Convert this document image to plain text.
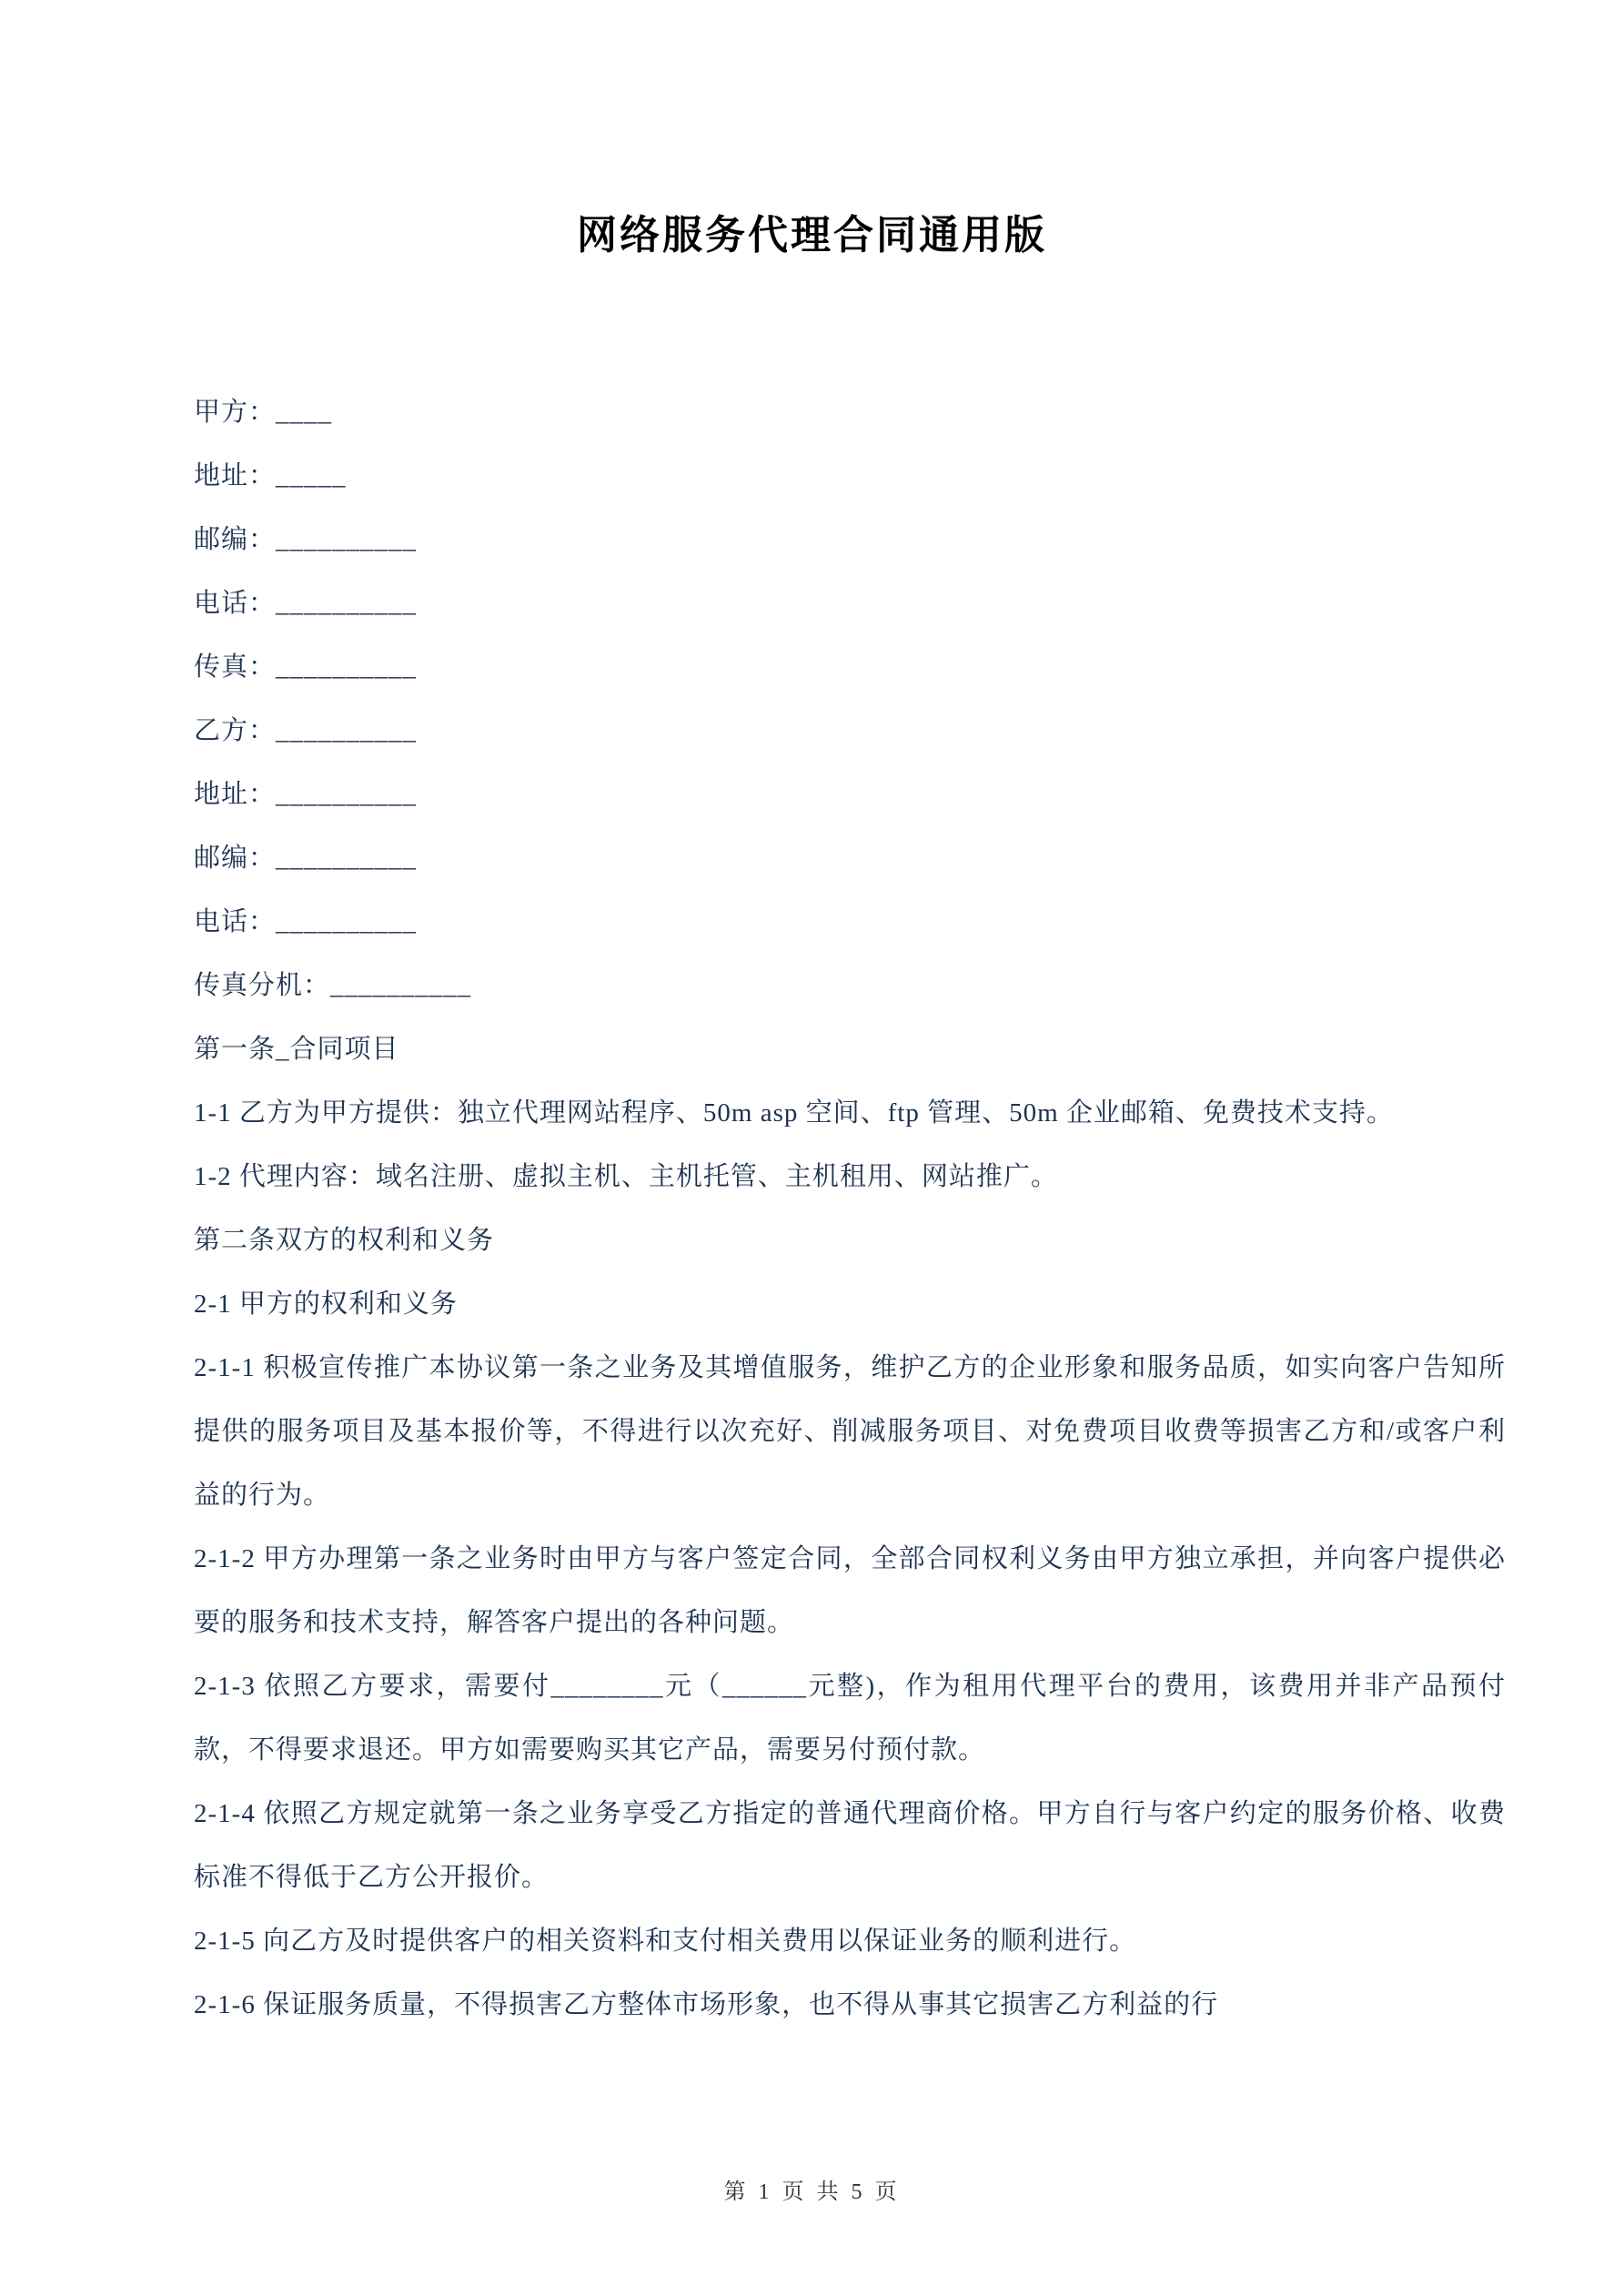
网络服务代理合同通用版

甲方：____

地址：_____

邮编：__________

电话：__________

传真：__________

乙方：__________

地址：__________

邮编：__________

电话：__________

传真分机：__________

第一条_合同项目

1-1 乙方为甲方提供：独立代理网站程序、50m asp 空间、ftp 管理、50m 企业邮箱、免费技术支持。

1-2 代理内容：域名注册、虚拟主机、主机托管、主机租用、网站推广。

第二条双方的权利和义务

2-1 甲方的权利和义务

2-1-1 积极宣传推广本协议第一条之业务及其增值服务，维护乙方的企业形象和服务品质，如实向客户告知所提供的服务项目及基本报价等，不得进行以次充好、削减服务项目、对免费项目收费等损害乙方和/或客户利益的行为。

2-1-2 甲方办理第一条之业务时由甲方与客户签定合同，全部合同权利义务由甲方独立承担，并向客户提供必要的服务和技术支持，解答客户提出的各种问题。

2-1-3 依照乙方要求，需要付________元（______元整)，作为租用代理平台的费用，该费用并非产品预付款，不得要求退还。甲方如需要购买其它产品，需要另付预付款。

2-1-4 依照乙方规定就第一条之业务享受乙方指定的普通代理商价格。甲方自行与客户约定的服务价格、收费标准不得低于乙方公开报价。

2-1-5 向乙方及时提供客户的相关资料和支付相关费用以保证业务的顺利进行。

2-1-6 保证服务质量，不得损害乙方整体市场形象，也不得从事其它损害乙方利益的行

第 1 页 共 5 页
